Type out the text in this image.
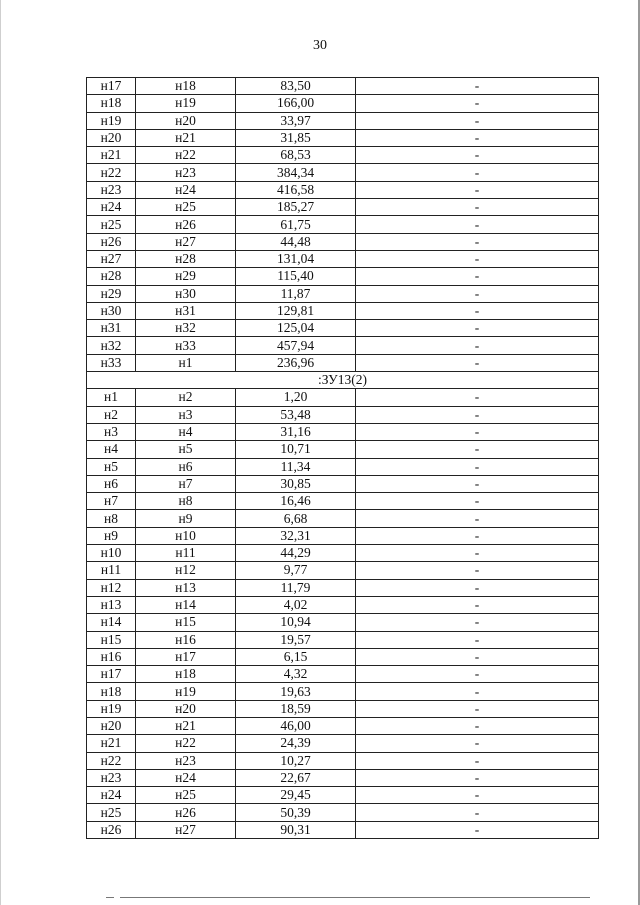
30
н17	н18	83,50	-
н18	н19	166,00	-
н19	н20	33,97	-
н20	н21	31,85	-
н21	н22	68,53	-
н22	н23	384,34	-
н23	н24	416,58	-
н24	н25	185,27	-
н25	н26	61,75	-
н26	н27	44,48	-
н27	н28	131,04	-
н28	н29	115,40	-
н29	н30	11,87	-
н30	н31	129,81	-
н31	н32	125,04	-
н32	н33	457,94	-
н33	н1	236,96	-
:ЗУ13(2)			
н1	н2	1,20	-
н2	н3	53,48	-
н3	н4	31,16	-
н4	н5	10,71	-
н5	н6	11,34	-
н6	н7	30,85	-
н7	н8	16,46	-
н8	н9	6,68	-
н9	н10	32,31	-
н10	н11	44,29	-
н11	н12	9,77	-
н12	н13	11,79	-
н13	н14	4,02	-
н14	н15	10,94	-
н15	н16	19,57	-
н16	н17	6,15	-
н17	н18	4,32	-
н18	н19	19,63	-
н19	н20	18,59	-
н20	н21	46,00	-
н21	н22	24,39	-
н22	н23	10,27	-
н23	н24	22,67	-
н24	н25	29,45	-
н25	н26	50,39	-
н26	н27	90,31	-
